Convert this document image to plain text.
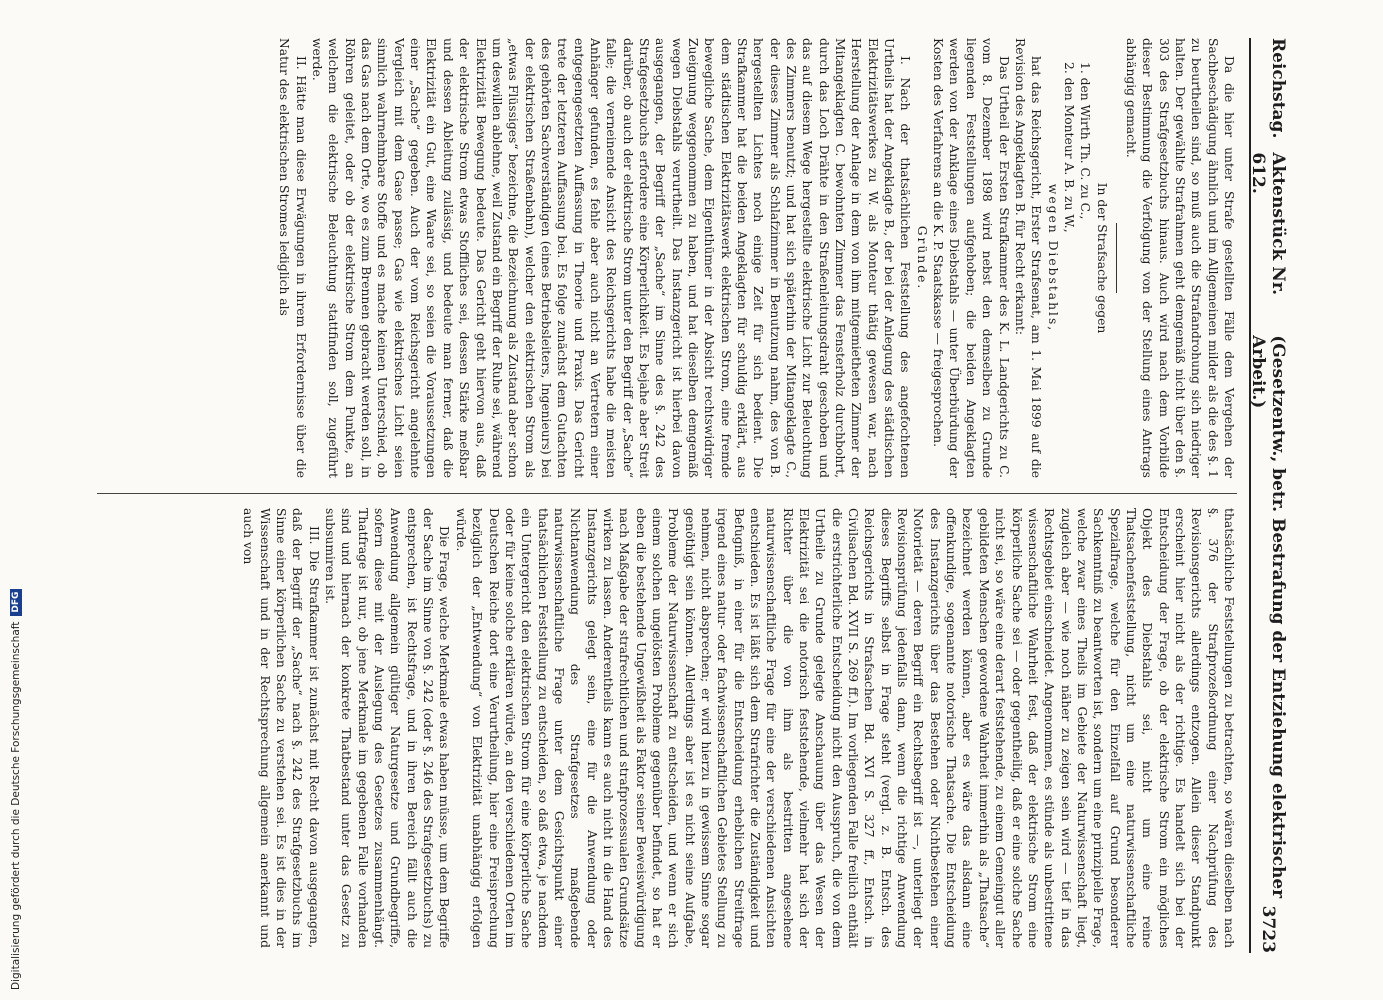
Reichstag.
Aktenstück Nr. 612.
(Gesetzentw., betr. Bestrafung der Entziehung elektrischer Arbeit.)
3723

Da die hier unter Strafe gestellten Fälle dem Vergehen der Sachbeschädigung ähnlich und im Allgemeinen milder als die des §. 1 zu beurtheilen sind, so muß auch die Strafandrohung sich niedriger halten. Der gewählte Strafrahmen geht demgemäß nicht über den §. 303 des Strafgesetzbuchs hinaus. Auch wird nach dem Vorbilde dieser Bestimmung die Verfolgung von der Stellung eines Antrags abhängig gemacht.

In der Strafsache gegen

1. den Wirth Th. C. zu C.,

2. den Monteur A. B. zu W.,

wegen Diebstahls,

hat das Reichsgericht, Erster Strafsenat, am 1. Mai 1899 auf die Revision des Angeklagten B. für Recht erkannt:

Das Urtheil der Ersten Strafkammer des K. L. Landgerichts zu C. vom 8. Dezember 1898 wird nebst den demselben zu Grunde liegenden Feststellungen aufgehoben; die beiden Angeklagten werden von der Anklage eines Diebstahls — unter Überbürdung der Kosten des Verfahrens an die K. P. Staatskasse — freigesprochen.

Gründe.

I. Nach der thatsächlichen Feststellung des angefochtenen Urtheils hat der Angeklagte B., der bei der Anlegung des städtischen Elektrizitätswerkes zu W. als Monteur thätig gewesen war, nach Herstellung der Anlage in dem von ihm mitgemietheten Zimmer der Mitangeklagten C. bewohnten Zimmer das Fensterholz durchbohrt, durch das Loch Drähte in den Straßenleitungsdraht geschoben und das auf diesem Wege hergestellte elektrische Licht zur Beleuchtung des Zimmers benutzt; und hat sich späterhin der Mitangeklagte C., der dieses Zimmer als Schlafzimmer in Benutzung nahm, des von B. hergestellten Lichtes noch einige Zeit für sich bedient. Die Strafkammer hat die beiden Angeklagten für schuldig erklärt, aus dem städtischen Elektrizitätswerk elektrischen Strom, eine fremde bewegliche Sache, dem Eigenthümer in der Absicht rechtswidriger Zueignung weggenommen zu haben, und hat dieselben demgemäß wegen Diebstahls verurtheilt. Das Instanzgericht ist hierbei davon ausgegangen, der Begriff der „Sache“ im Sinne des §. 242 des Strafgesetzbuchs erfordere eine Körperlichkeit. Es bejahe aber Streit darüber, ob auch der elektrische Strom unter den Begriff der „Sache“ falle; die verneinende Ansicht des Reichsgerichts habe die meisten Anhänger gefunden, es fehle aber auch nicht an Vertretern einer entgegengesetzten Auffassung in Theorie und Praxis. Das Gericht trete der letzteren Auffassung bei. Es folge zunächst dem Gutachten des gehörten Sachverständigen (eines Betriebsleiters, Ingenieurs) bei der elektrischen Straßenbahn), welcher den elektrischen Strom als „etwas Flüssiges“ bezeichne, die Bezeichnung als Zustand aber schon um deswillen ablehne, weil Zustand ein Begriff der Ruhe sei, während Elektrizität Bewegung bedeute. Das Gericht geht hiervon aus, daß der elektrische Strom etwas Stoffliches sei, dessen Stärke meßbar und dessen Ableitung zulässig, und bedeute man ferner, daß die Elektrizität ein Gut, eine Waare sei, so seien die Voraussetzungen einer „Sache“ gegeben. Auch der vom Reichsgericht angelehnte Vergleich mit dem Gase passe; Gas wie elektrisches Licht seien sinnlich wahrnehmbare Stoffe und es mache keinen Unterschied, ob das Gas nach dem Orte, wo es zum Brennen gebracht werden soll, in Röhren geleitet, oder ob der elektrische Strom dem Punkte, an welchem die elektrische Beleuchtung stattfinden soll, zugeführt werde.

II. Hätte man diese Erwägungen in ihrem Erfordernisse über die Natur des elektrischen Stromes lediglich als

thatsächliche Feststellungen zu betrachten, so wären dieselben nach §. 376 der Strafprozeßordnung einer Nachprüfung des Revisionsgerichts allerdings entzogen. Allein dieser Standpunkt erscheint hier nicht als der richtige. Es handelt sich bei der Entscheidung der Frage, ob der elektrische Strom ein mögliches Objekt des Diebstahls sei, nicht um eine reine Thatsachenfeststellung, nicht um eine naturwissenschaftliche Spezialfrage, welche für den Einzelfall auf Grund besonderer Sachkenntniß zu beantworten ist, sondern um eine prinzipielle Frage, welche zwar eines Theils im Gebiete der Naturwissenschaft liegt, zugleich aber — wie noch näher zu zeigen sein wird — tief in das Rechtsgebiet einschneidet. Angenommen, es stünde als unbestrittene wissenschaftliche Wahrheit fest, daß der elektrische Strom eine körperliche Sache sei — oder gegentheilig, daß er eine solche Sache nicht sei, so wäre eine derart feststehende, zu einem Gemeingut aller gebildeten Menschen gewordene Wahrheit immerhin als „Thatsache“ bezeichnet werden können, aber es wäre das alsdann eine offenkundige, sogenannte notorische Thatsache. Die Entscheidung des Instanzgerichts über das Bestehen oder Nichtbestehen einer Notorietät — deren Begriff ein Rechtsbegriff ist —, unterliegt der Revisionsprüfung jedenfalls dann, wenn die richtige Anwendung dieses Begriffs selbst in Frage steht (vergl. z. B. Entsch. des Reichsgerichts in Strafsachen Bd. XVI S. 327 ff., Entsch. in Civilsachen Bd. XVII S. 269 ff.). Im vorliegenden Falle freilich enthält die erstrichterliche Entscheidung nicht den Ausspruch, die von dem Urtheile zu Grunde gelegte Anschauung über das Wesen der Elektrizität sei die notorisch feststehende, vielmehr hat sich der Richter über die von ihm als bestritten angesehene naturwissenschaftliche Frage für eine der verschiedenen Ansichten entschieden. Es ist läßt sich dem Strafrichter die Zuständigkeit und Befugniß, in einer für die Entscheidung erheblichen Streitfrage irgend eines natur- oder fachwissenschaftlichen Gebietes Stellung zu nehmen, nicht absprechen; er wird hierzu in gewissem Sinne sogar genöthigt sein können. Allerdings aber ist es nicht seine Aufgabe, Probleme der Naturwissenschaft zu entscheiden, und wenn er sich einem solchen ungelösten Probleme gegenüber befindet, so hat er eben die bestehende Ungewißheit als Faktor seiner Beweiswürdigung nach Maßgabe der strafrechtlichen und strafprozessualen Grundsätze wirken zu lassen. Anderentheils kann es auch nicht in die Hand des Instanzgerichts gelegt sein, eine für die Anwendung oder Nichtanwendung des Strafgesetzes maßgebende naturwissenschaftliche Frage unter dem Gesichtspunkt einer thatsächlichen Feststellung zu entscheiden, so daß etwa, je nachdem ein Untergericht den elektrischen Strom für eine körperliche Sache oder für keine solche erklären würde, an den verschiedenen Orten im Deutschen Reiche dort eine Verurtheilung, hier eine Freisprechung bezüglich der „Entwendung“ von Elektrizität unabhängig erfolgen würde.

Die Frage, welche Merkmale etwas haben müsse, um dem Begriffe der Sache im Sinne von §. 242 (oder §. 246 des Strafgesetzbuchs) zu entsprechen, ist Rechtsfrage, und in ihren Bereich fällt auch die Anwendung allgemein gültiger Naturgesetze und Grundbegriffe, sofern diese mit der Auslegung des Gesetzes zusammenhängt. Thatfrage ist nur, ob jene Merkmale im gegebenen Falle vorhanden sind und hiernach der konkrete Thatbestand unter das Gesetz zu subsumiren ist.

III. Die Strafkammer ist zunächst mit Recht davon ausgegangen, daß der Begriff der „Sache“ nach §. 242 des Strafgesetzbuchs im Sinne einer körperlichen Sache zu verstehen sei. Es ist dies in der Wissenschaft und in der Rechtsprechung allgemein anerkannt und auch von

Digitalisierung gefördert durch die Deutsche Forschungsgemeinschaft
DFG
